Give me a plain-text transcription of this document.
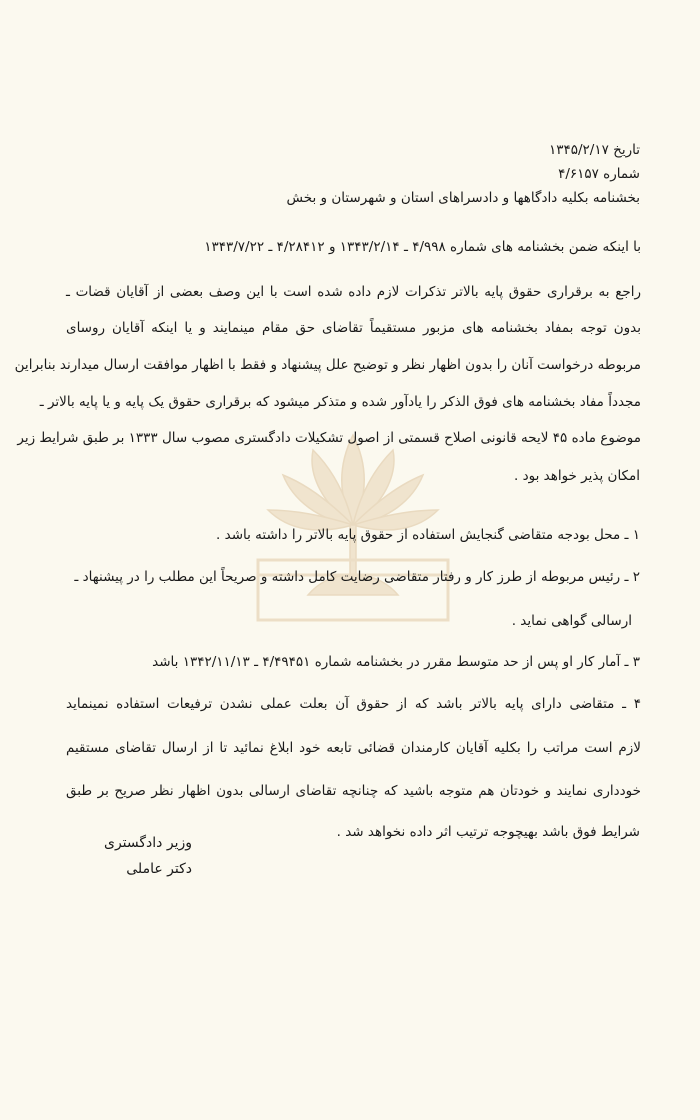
تاریخ ۱۳۴۵/۲/۱۷
شماره ۴/۶۱۵۷
بخشنامه بکلیه دادگاهها و دادسراهای استان و شهرستان و بخش
با اینکه ضمن بخشنامه های شماره ۴/۹۹۸ ـ ۱۳۴۳/۲/۱۴ و ۴/۲۸۴۱۲ ـ ۱۳۴۳/۷/۲۲
راجع به برقراری حقوق پایه بالاتر تذکرات لازم داده شده است با این وصف بعضی از آقایان قضات ـ
بدون توجه بمفاد بخشنامه های مزبور مستقیماً تقاضای حق مقام مینمایند و یا اینکه آقایان روسای
مربوطه درخواست آنان را بدون اظهار نظر و توضیح علل پیشنهاد و فقط با اظهار موافقت ارسال میدارند بنابراین
مجدداً مفاد بخشنامه های فوق الذکر را یادآور شده و متذکر میشود که برقراری حقوق یک پایه و یا پایه بالاتر ـ
موضوع ماده ۴۵ لایحه قانونی اصلاح قسمتی از اصول تشکیلات دادگستری مصوب سال ۱۳۳۳ بر طبق شرایط زیر
امکان پذیر خواهد بود .
۱ ـ محل بودجه متقاضی گنجایش استفاده از حقوق پایه بالاتر را داشته باشد .
۲ ـ رئیس مربوطه از طرز کار و رفتار متقاضی رضایت کامل داشته و صریحاً این مطلب را در پیشنهاد ـ
ارسالی گواهی نماید .
۳ ـ آمار کار او پس از حد متوسط مقرر در بخشنامه شماره ۴/۴۹۴۵۱ ـ ۱۳۴۲/۱۱/۱۳ باشد
۴ ـ متقاضی دارای پایه بالاتر باشد که از حقوق آن بعلت عملی نشدن ترفیعات استفاده نمینماید
لازم است مراتب را بکلیه آقایان کارمندان قضائی تابعه خود ابلاغ نمائید تا از ارسال تقاضای مستقیم
خودداری نمایند و خودتان هم متوجه باشید که چنانچه تقاضای ارسالی بدون اظهار نظر صریح بر طبق
شرایط فوق باشد بهیچوجه ترتیب اثر داده نخواهد شد .
وزیر دادگستری
دکتر عاملی
